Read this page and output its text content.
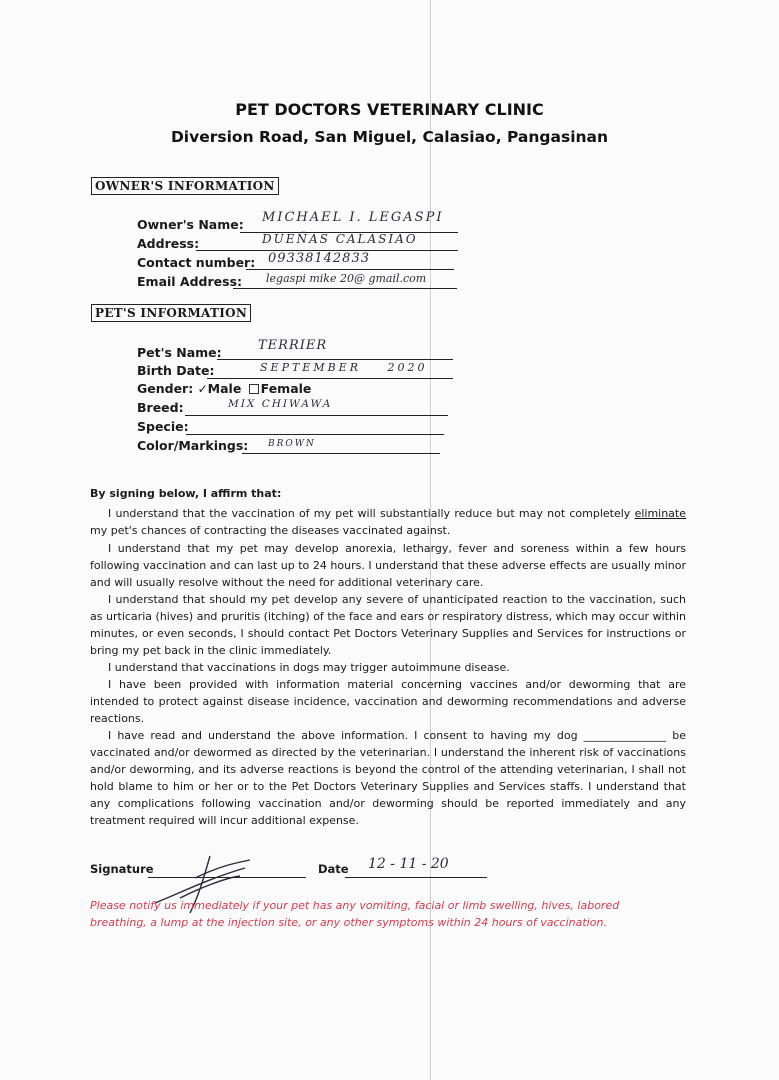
PET DOCTORS VETERINARY CLINIC
Diversion Road, San Miguel, Calasiao, Pangasinan
OWNER'S INFORMATION
Owner's Name: MICHAEL I. LEGASPI
Address:	DUEÑAS CALASIAO
Contact number: 09338142833
Email Address: legaspi mike 20@ gmail.com
PET'S INFORMATION
Pet's Name:	TERRIER
Birth Date:	SEPTEMBER 2020
Gender: ✓Male Female
Breed:	MIX CHIWAWA
Specie:
Color/Markings: BROWN
By signing below, I affirm that:
I understand that the vaccination of my pet will substantially reduce but may not completely eliminate my pet's chances of contracting the diseases vaccinated against.
I understand that my pet may develop anorexia, lethargy, fever and soreness within a few hours following vaccination and can last up to 24 hours. I understand that these adverse effects are usually minor and will usually resolve without the need for additional veterinary care.
I understand that should my pet develop any severe of unanticipated reaction to the vaccination, such as urticaria (hives) and pruritis (itching) of the face and ears or respiratory distress, which may occur within minutes, or even seconds, I should contact Pet Doctors Veterinary Supplies and Services for instructions or bring my pet back in the clinic immediately.
I understand that vaccinations in dogs may trigger autoimmune disease.
I have been provided with information material concerning vaccines and/or deworming that are intended to protect against disease incidence, vaccination and deworming recommendations and adverse reactions.
I have read and understand the above information. I consent to having my dog _______________ be vaccinated and/or dewormed as directed by the veterinarian. I understand the inherent risk of vaccinations and/or deworming, and its adverse reactions is beyond the control of the attending veterinarian, I shall not hold blame to him or her or to the Pet Doctors Veterinary Supplies and Services staffs. I understand that any complications following vaccination and/or deworming should be reported immediately and any treatment required will incur additional expense.
Signature	Date 12 - 11 - 20
Please notify us immediately if your pet has any vomiting, facial or limb swelling, hives, labored breathing, a lump at the injection site, or any other symptoms within 24 hours of vaccination.
